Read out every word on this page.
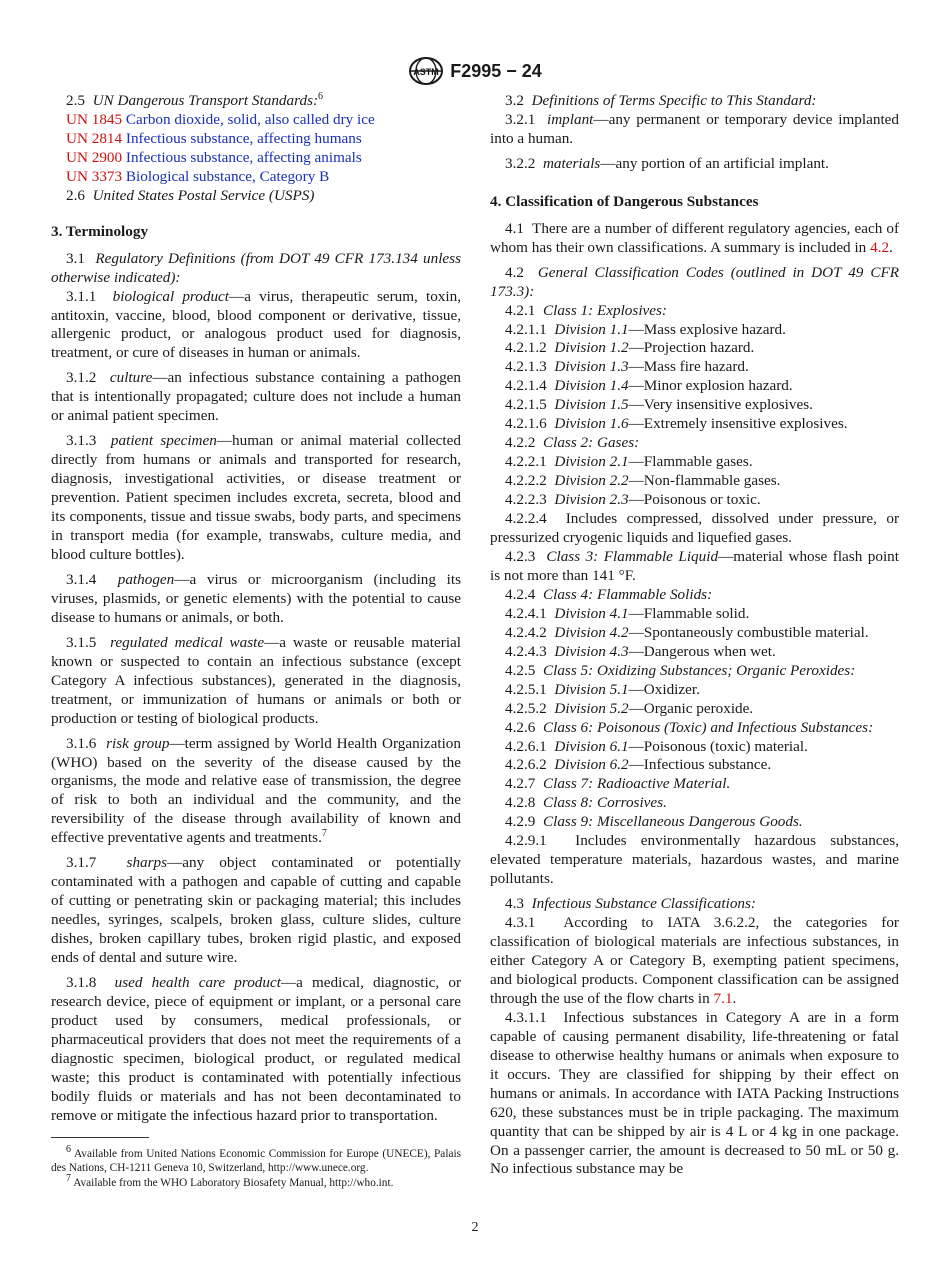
ASTM F2995 − 24

2.5 UN Dangerous Transport Standards:$^6$

UN 1845 Carbon dioxide, solid, also called dry ice

UN 2814 Infectious substance, affecting humans

UN 2900 Infectious substance, affecting animals

UN 3373 Biological substance, Category B

2.6 United States Postal Service (USPS)

3. Terminology

3.1 Regulatory Definitions (from DOT 49 CFR 173.134 unless otherwise indicated):

3.1.1 biological product—a virus, therapeutic serum, toxin, antitoxin, vaccine, blood, blood component or derivative, tissue, allergenic product, or analogous product used for diagnosis, treatment, or cure of diseases in human or animals.

3.1.2 culture—an infectious substance containing a pathogen that is intentionally propagated; culture does not include a human or animal patient specimen.

3.1.3 patient specimen—human or animal material collected directly from humans or animals and transported for research, diagnosis, investigational activities, or disease treatment or prevention. Patient specimen includes excreta, secreta, blood and its components, tissue and tissue swabs, body parts, and specimens in transport media (for example, transwabs, culture media, and blood culture bottles).

3.1.4 pathogen—a virus or microorganism (including its viruses, plasmids, or genetic elements) with the potential to cause disease to humans or animals, or both.

3.1.5 regulated medical waste—a waste or reusable material known or suspected to contain an infectious substance (except Category A infectious substances), generated in the diagnosis, treatment, or immunization of humans or animals or both or production or testing of biological products.

3.1.6 risk group—term assigned by World Health Organization (WHO) based on the severity of the disease caused by the organisms, the mode and relative ease of transmission, the degree of risk to both an individual and the community, and the reversibility of the disease through availability of known and effective preventative agents and treatments.$^7$

3.1.7 sharps—any object contaminated or potentially contaminated with a pathogen and capable of cutting and capable of cutting or penetrating skin or packaging material; this includes needles, syringes, scalpels, broken glass, culture slides, culture dishes, broken capillary tubes, broken rigid plastic, and exposed ends of dental and suture wire.

3.1.8 used health care product—a medical, diagnostic, or research device, piece of equipment or implant, or a personal care product used by consumers, medical professionals, or pharmaceutical providers that does not meet the requirements of a diagnostic specimen, biological product, or regulated medical waste; this product is contaminated with potentially infectious bodily fluids or materials and has not been decontaminated to remove or mitigate the infectious hazard prior to transportation.

3.2 Definitions of Terms Specific to This Standard:

3.2.1 implant—any permanent or temporary device implanted into a human.

3.2.2 materials—any portion of an artificial implant.

4. Classification of Dangerous Substances

4.1 There are a number of different regulatory agencies, each of whom has their own classifications. A summary is included in 4.2.

4.2 General Classification Codes (outlined in DOT 49 CFR 173.3):

4.2.1 Class 1: Explosives:

4.2.1.1 Division 1.1—Mass explosive hazard.

4.2.1.2 Division 1.2—Projection hazard.

4.2.1.3 Division 1.3—Mass fire hazard.

4.2.1.4 Division 1.4—Minor explosion hazard.

4.2.1.5 Division 1.5—Very insensitive explosives.

4.2.1.6 Division 1.6—Extremely insensitive explosives.

4.2.2 Class 2: Gases:

4.2.2.1 Division 2.1—Flammable gases.

4.2.2.2 Division 2.2—Non-flammable gases.

4.2.2.3 Division 2.3—Poisonous or toxic.

4.2.2.4 Includes compressed, dissolved under pressure, or pressurized cryogenic liquids and liquefied gases.

4.2.3 Class 3: Flammable Liquid—material whose flash point is not more than 141 °F.

4.2.4 Class 4: Flammable Solids:

4.2.4.1 Division 4.1—Flammable solid.

4.2.4.2 Division 4.2—Spontaneously combustible material.

4.2.4.3 Division 4.3—Dangerous when wet.

4.2.5 Class 5: Oxidizing Substances; Organic Peroxides:

4.2.5.1 Division 5.1—Oxidizer.

4.2.5.2 Division 5.2—Organic peroxide.

4.2.6 Class 6: Poisonous (Toxic) and Infectious Substances:

4.2.6.1 Division 6.1—Poisonous (toxic) material.

4.2.6.2 Division 6.2—Infectious substance.

4.2.7 Class 7: Radioactive Material.

4.2.8 Class 8: Corrosives.

4.2.9 Class 9: Miscellaneous Dangerous Goods.

4.2.9.1 Includes environmentally hazardous substances, elevated temperature materials, hazardous wastes, and marine pollutants.

4.3 Infectious Substance Classifications:

4.3.1 According to IATA 3.6.2.2, the categories for classification of biological materials are infectious substances, in either Category A or Category B, exempting patient specimens, and biological products. Component classification can be assigned through the use of the flow charts in 7.1.

4.3.1.1 Infectious substances in Category A are in a form capable of causing permanent disability, life-threatening or fatal disease to otherwise healthy humans or animals when exposure to it occurs. They are classified for shipping by their effect on humans or animals. In accordance with IATA Packing Instructions 620, these substances must be in triple packaging. The maximum quantity that can be shipped by air is 4 L or 4 kg in one package. On a passenger carrier, the amount is decreased to 50 mL or 50 g. No infectious substance may be

$^6$ Available from United Nations Economic Commission for Europe (UNECE), Palais des Nations, CH-1211 Geneva 10, Switzerland, http://www.unece.org.
$^7$ Available from the WHO Laboratory Biosafety Manual, http://who.int.
2
